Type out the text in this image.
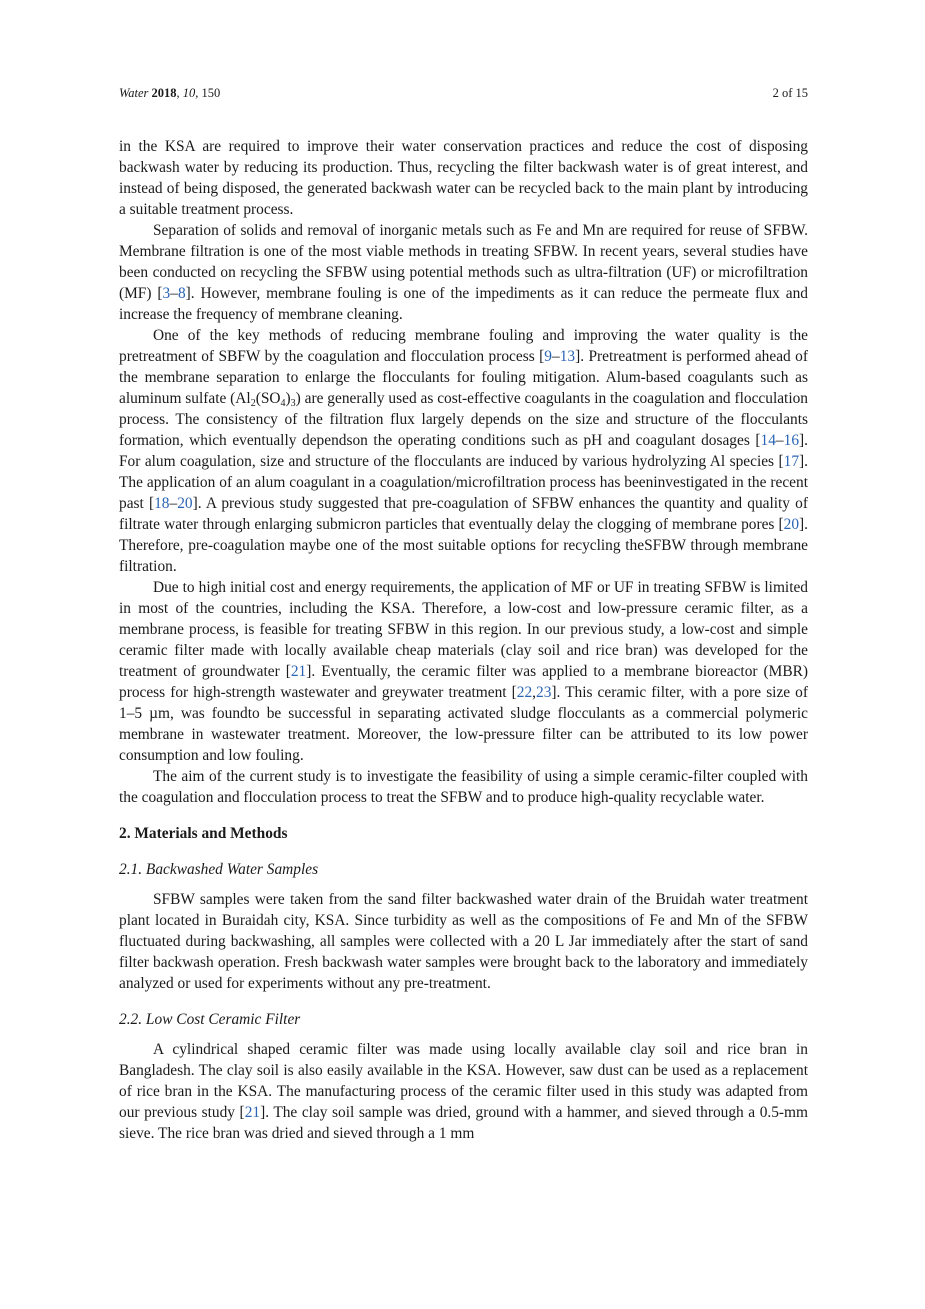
Water 2018, 10, 150	2 of 15

in the KSA are required to improve their water conservation practices and reduce the cost of disposing backwash water by reducing its production. Thus, recycling the filter backwash water is of great interest, and instead of being disposed, the generated backwash water can be recycled back to the main plant by introducing a suitable treatment process.

Separation of solids and removal of inorganic metals such as Fe and Mn are required for reuse of SFBW. Membrane filtration is one of the most viable methods in treating SFBW. In recent years, several studies have been conducted on recycling the SFBW using potential methods such as ultra-filtration (UF) or microfiltration (MF) [3–8]. However, membrane fouling is one of the impediments as it can reduce the permeate flux and increase the frequency of membrane cleaning.

One of the key methods of reducing membrane fouling and improving the water quality is the pretreatment of SBFW by the coagulation and flocculation process [9–13]. Pretreatment is performed ahead of the membrane separation to enlarge the flocculants for fouling mitigation. Alum-based coagulants such as aluminum sulfate $(Al_2(SO_4)_3)$ are generally used as cost-effective coagulants in the coagulation and flocculation process. The consistency of the filtration flux largely depends on the size and structure of the flocculants formation, which eventually dependson the operating conditions such as pH and coagulant dosages [14–16]. For alum coagulation, size and structure of the flocculants are induced by various hydrolyzing Al species [17]. The application of an alum coagulant in a coagulation/microfiltration process has beeninvestigated in the recent past [18–20]. A previous study suggested that pre-coagulation of SFBW enhances the quantity and quality of filtrate water through enlarging submicron particles that eventually delay the clogging of membrane pores [20]. Therefore, pre-coagulation maybe one of the most suitable options for recycling theSFBW through membrane filtration.

Due to high initial cost and energy requirements, the application of MF or UF in treating SFBW is limited in most of the countries, including the KSA. Therefore, a low-cost and low-pressure ceramic filter, as a membrane process, is feasible for treating SFBW in this region. In our previous study, a low-cost and simple ceramic filter made with locally available cheap materials (clay soil and rice bran) was developed for the treatment of groundwater [21]. Eventually, the ceramic filter was applied to a membrane bioreactor (MBR) process for high-strength wastewater and greywater treatment [22,23]. This ceramic filter, with a pore size of 1–5 µm, was foundto be successful in separating activated sludge flocculants as a commercial polymeric membrane in wastewater treatment. Moreover, the low-pressure filter can be attributed to its low power consumption and low fouling.

The aim of the current study is to investigate the feasibility of using a simple ceramic-filter coupled with the coagulation and flocculation process to treat the SFBW and to produce high-quality recyclable water.

2. Materials and Methods
2.1. Backwashed Water Samples

SFBW samples were taken from the sand filter backwashed water drain of the Bruidah water treatment plant located in Buraidah city, KSA. Since turbidity as well as the compositions of Fe and Mn of the SFBW fluctuated during backwashing, all samples were collected with a 20 L Jar immediately after the start of sand filter backwash operation. Fresh backwash water samples were brought back to the laboratory and immediately analyzed or used for experiments without any pre-treatment.

2.2. Low Cost Ceramic Filter

A cylindrical shaped ceramic filter was made using locally available clay soil and rice bran in Bangladesh. The clay soil is also easily available in the KSA. However, saw dust can be used as a replacement of rice bran in the KSA. The manufacturing process of the ceramic filter used in this study was adapted from our previous study [21]. The clay soil sample was dried, ground with a hammer, and sieved through a 0.5-mm sieve. The rice bran was dried and sieved through a 1 mm
